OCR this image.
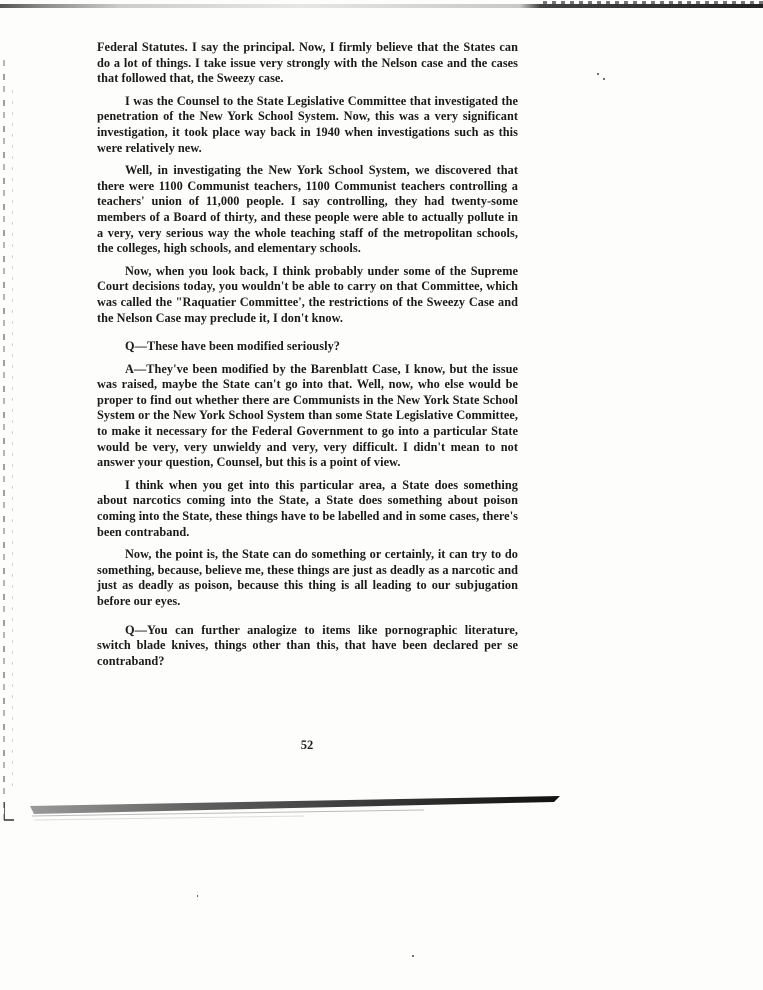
Federal Statutes. I say the principal. Now, I firmly believe that the States can do a lot of things. I take issue very strongly with the Nelson case and the cases that followed that, the Sweezy case.

I was the Counsel to the State Legislative Committee that investigated the penetration of the New York School System. Now, this was a very significant investigation, it took place way back in 1940 when investigations such as this were relatively new.

Well, in investigating the New York School System, we discovered that there were 1100 Communist teachers, 1100 Communist teachers controlling a teachers' union of 11,000 people. I say controlling, they had twenty-some members of a Board of thirty, and these people were able to actually pollute in a very, very serious way the whole teaching staff of the metropolitan schools, the colleges, high schools, and elementary schools.

Now, when you look back, I think probably under some of the Supreme Court decisions today, you wouldn't be able to carry on that Committee, which was called the "Raquatier Committee', the restrictions of the Sweezy Case and the Nelson Case may preclude it, I don't know.

Q—These have been modified seriously?

A—They've been modified by the Barenblatt Case, I know, but the issue was raised, maybe the State can't go into that. Well, now, who else would be proper to find out whether there are Communists in the New York State School System or the New York School System than some State Legislative Committee, to make it necessary for the Federal Government to go into a particular State would be very, very unwieldy and very, very difficult. I didn't mean to not answer your question, Counsel, but this is a point of view.

I think when you get into this particular area, a State does something about narcotics coming into the State, a State does something about poison coming into the State, these things have to be labelled and in some cases, there's been contraband.

Now, the point is, the State can do something or certainly, it can try to do something, because, believe me, these things are just as deadly as a narcotic and just as deadly as poison, because this thing is all leading to our subjugation before our eyes.

Q—You can further analogize to items like pornographic literature, switch blade knives, things other than this, that have been declared per se contraband?

52
